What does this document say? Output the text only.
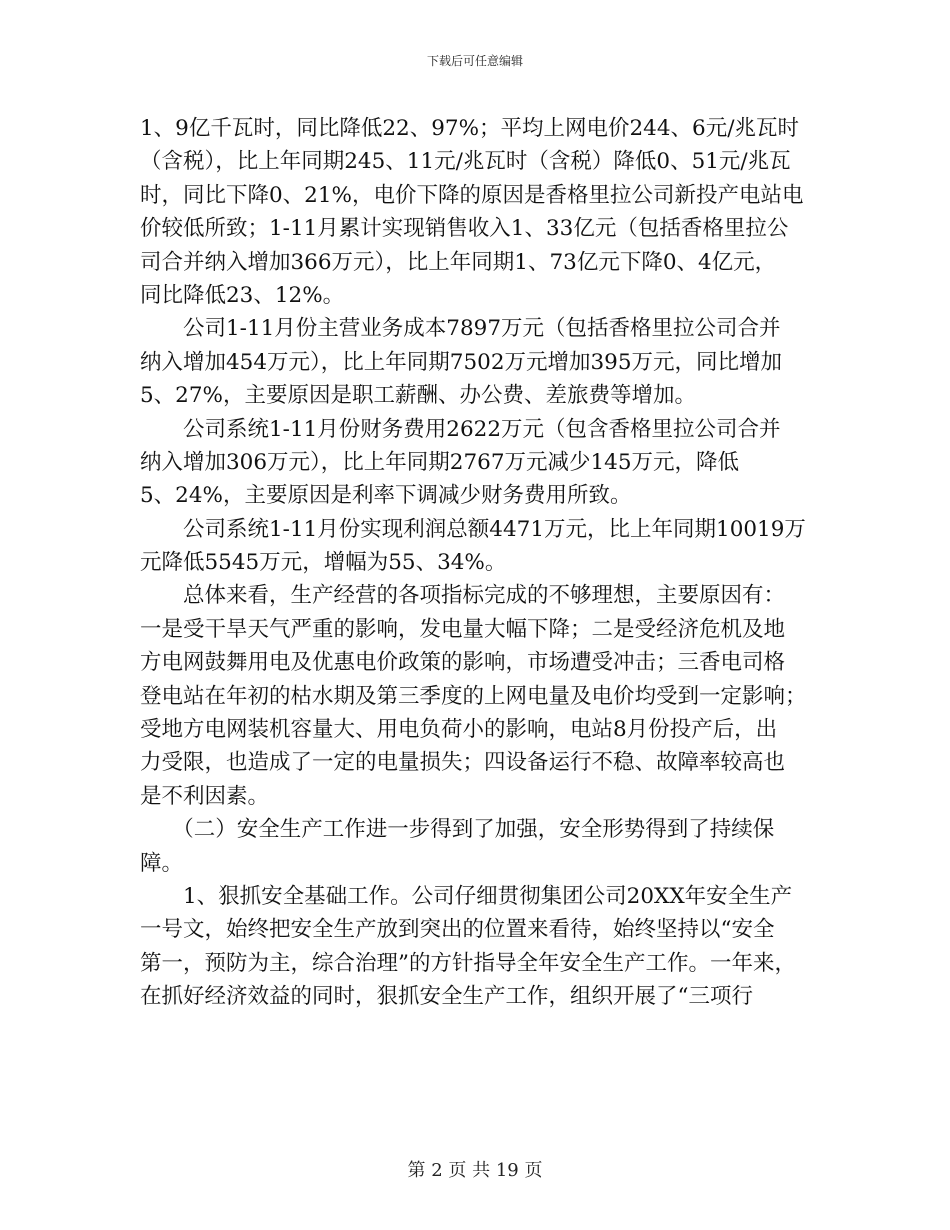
下载后可任意编辑
1、9亿千瓦时，同比降低22、97%；平均上网电价244、6元/兆瓦时
（含税），比上年同期245、11元/兆瓦时（含税）降低0、51元/兆瓦
时，同比下降0、21%，电价下降的原因是香格里拉公司新投产电站电
价较低所致；1-11月累计实现销售收入1、33亿元（包括香格里拉公
司合并纳入增加366万元），比上年同期1、73亿元下降0、4亿元，
同比降低23、12%。
　　公司1-11月份主营业务成本7897万元（包括香格里拉公司合并
纳入增加454万元），比上年同期7502万元增加395万元，同比增加
5、27%，主要原因是职工薪酬、办公费、差旅费等增加。
　　公司系统1-11月份财务费用2622万元（包含香格里拉公司合并
纳入增加306万元），比上年同期2767万元减少145万元，降低
5、24%，主要原因是利率下调减少财务费用所致。
　　公司系统1-11月份实现利润总额4471万元，比上年同期10019万
元降低5545万元，增幅为55、34%。
　　总体来看，生产经营的各项指标完成的不够理想，主要原因有：
一是受干旱天气严重的影响，发电量大幅下降；二是受经济危机及地
方电网鼓舞用电及优惠电价政策的影响，市场遭受冲击；三香电司格
登电站在年初的枯水期及第三季度的上网电量及电价均受到一定影响；
受地方电网装机容量大、用电负荷小的影响，电站8月份投产后，出
力受限，也造成了一定的电量损失；四设备运行不稳、故障率较高也
是不利因素。
　　（二）安全生产工作进一步得到了加强，安全形势得到了持续保
障。
　　1、狠抓安全基础工作。公司仔细贯彻集团公司20XX年安全生产
一号文，始终把安全生产放到突出的位置来看待，始终坚持以“安全
第一，预防为主，综合治理”的方针指导全年安全生产工作。一年来，
在抓好经济效益的同时，狠抓安全生产工作，组织开展了“三项行
第 2 页 共 19 页
